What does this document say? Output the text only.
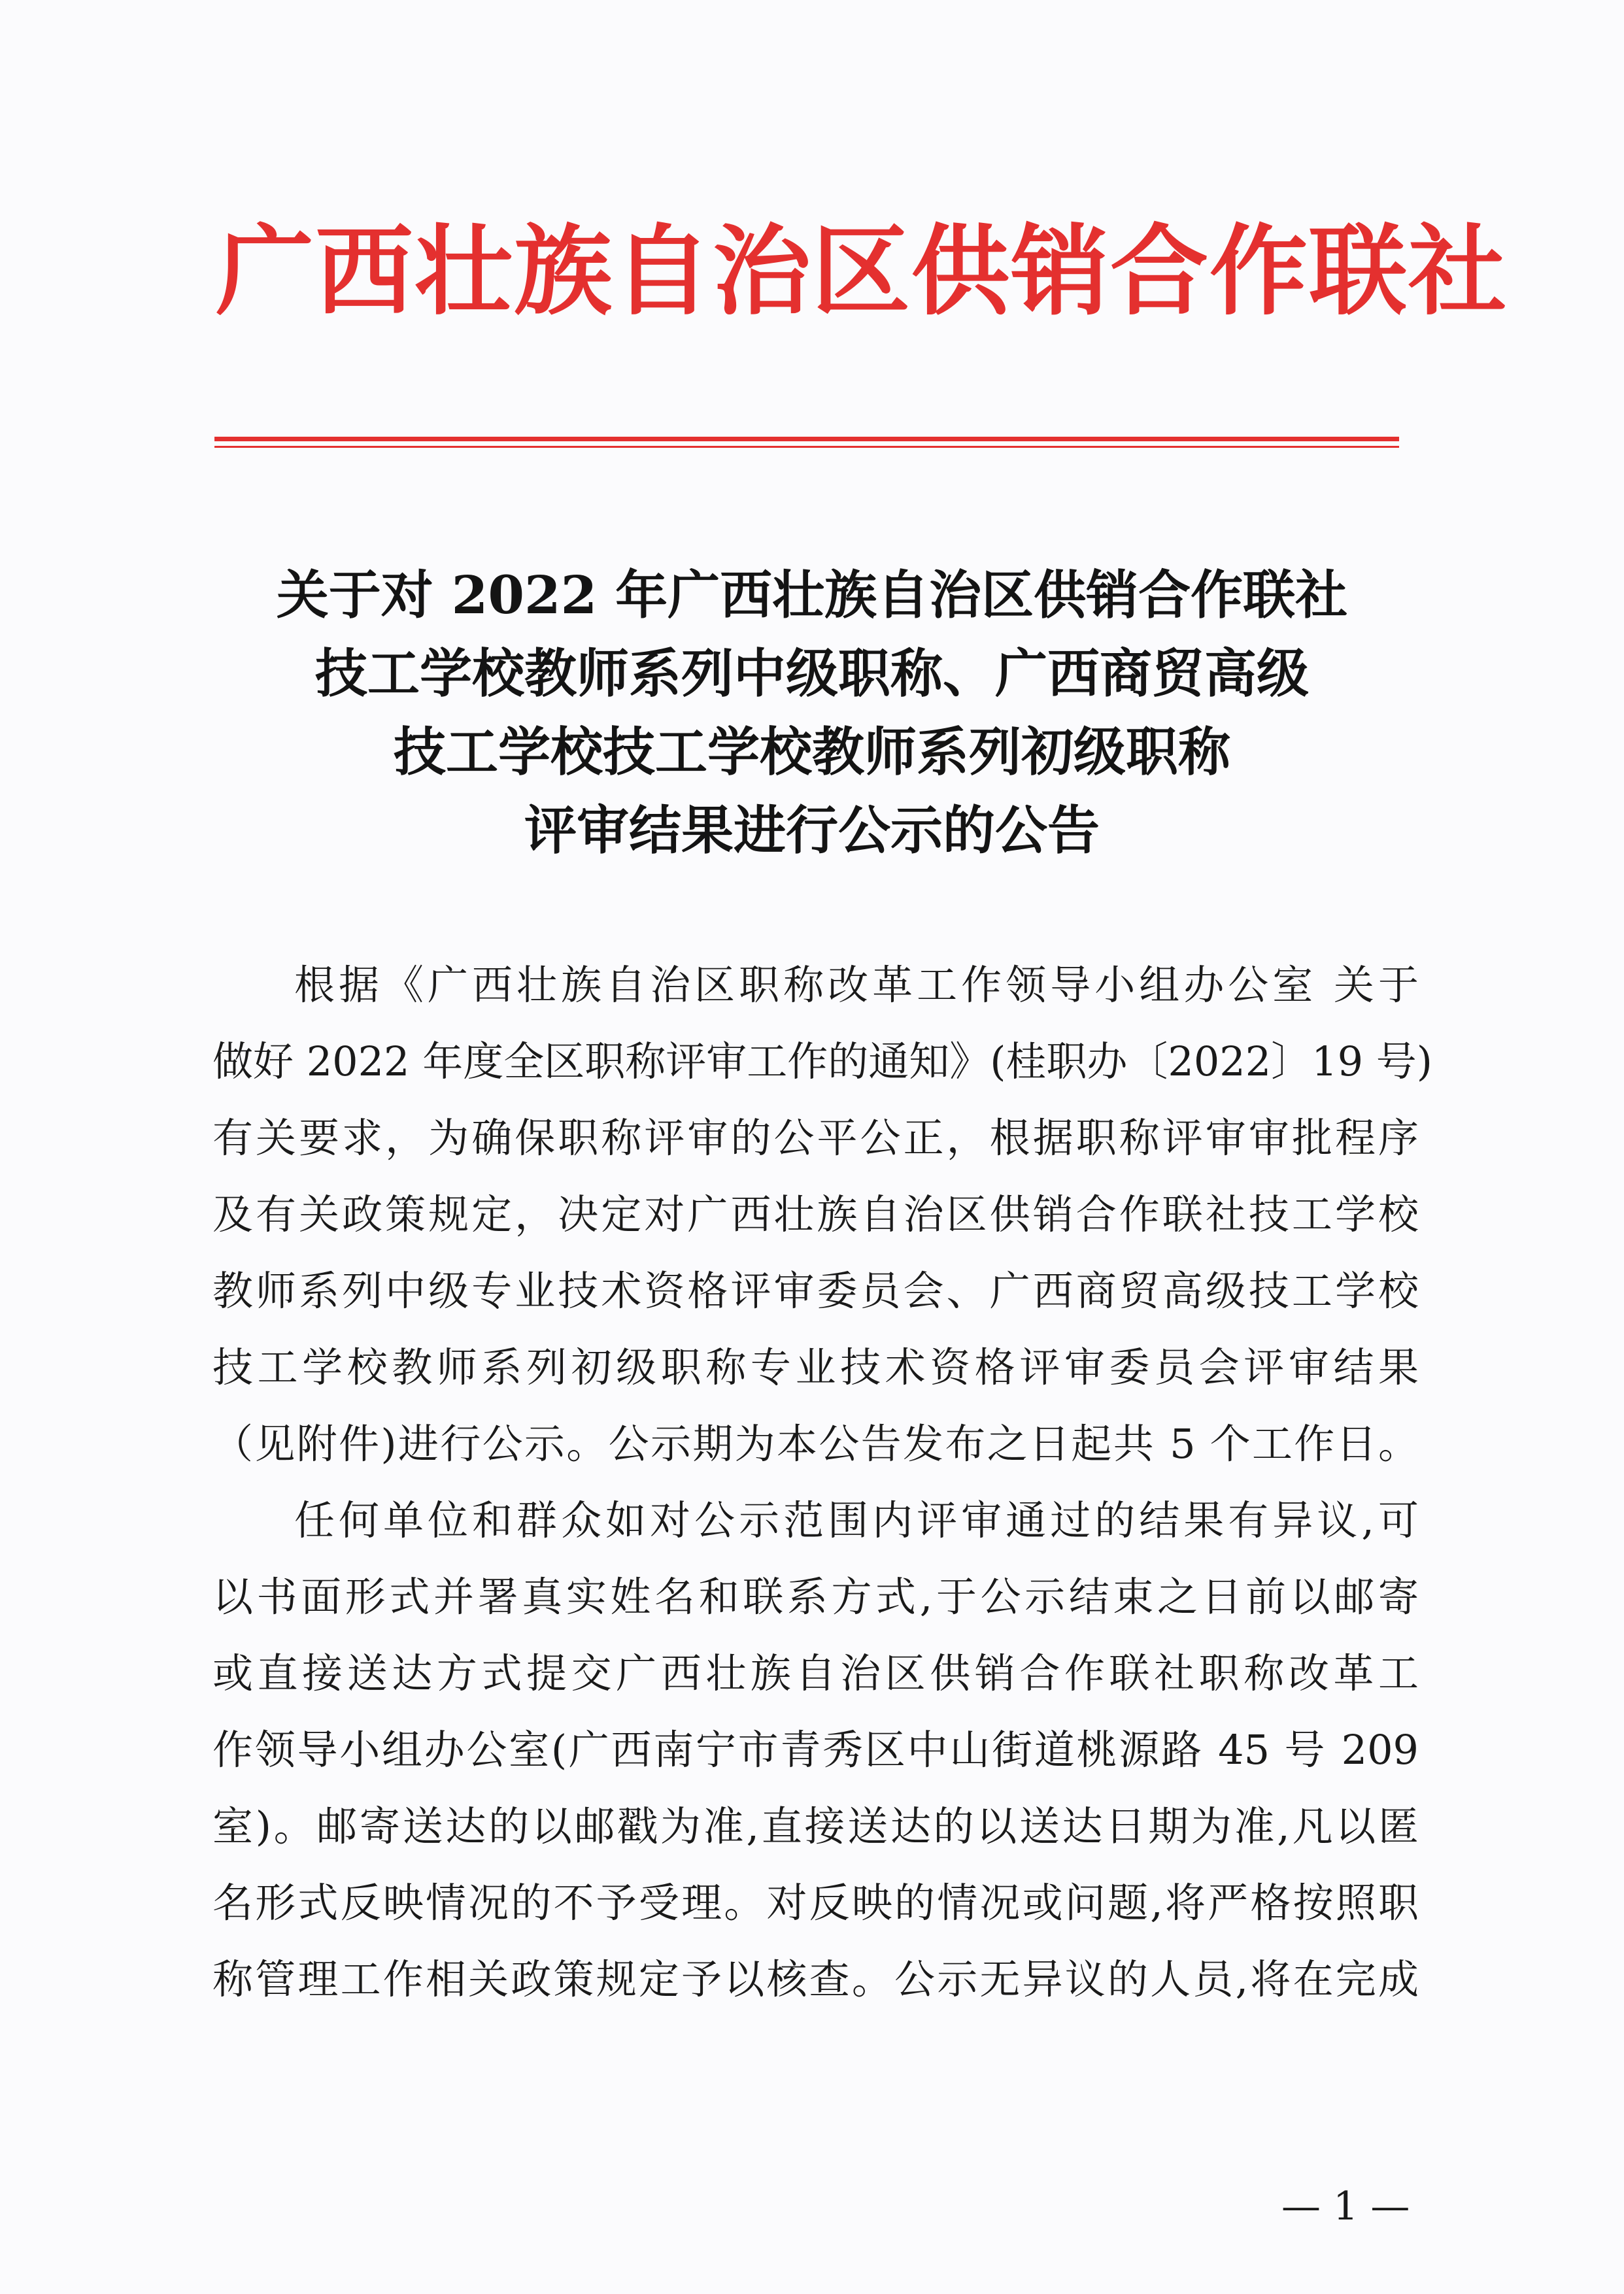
广西壮族自治区供销合作联社
关于对 2022 年广西壮族自治区供销合作联社
技工学校教师系列中级职称、广西商贸高级
技工学校技工学校教师系列初级职称
评审结果进行公示的公告
根据《广西壮族自治区职称改革工作领导小组办公室 关于
做好 2022 年度全区职称评审工作的通知》(桂职办〔2022〕19 号)
有关要求，为确保职称评审的公平公正，根据职称评审审批程序
及有关政策规定，决定对广西壮族自治区供销合作联社技工学校
教师系列中级专业技术资格评审委员会、广西商贸高级技工学校
技工学校教师系列初级职称专业技术资格评审委员会评审结果
（见附件)进行公示。公示期为本公告发布之日起共 5 个工作日。
任何单位和群众如对公示范围内评审通过的结果有异议,可
以书面形式并署真实姓名和联系方式,于公示结束之日前以邮寄
或直接送达方式提交广西壮族自治区供销合作联社职称改革工
作领导小组办公室(广西南宁市青秀区中山街道桃源路 45 号 209
室)。邮寄送达的以邮戳为准,直接送达的以送达日期为准,凡以匿
名形式反映情况的不予受理。对反映的情况或问题,将严格按照职
称管理工作相关政策规定予以核查。公示无异议的人员,将在完成
— 1 —
